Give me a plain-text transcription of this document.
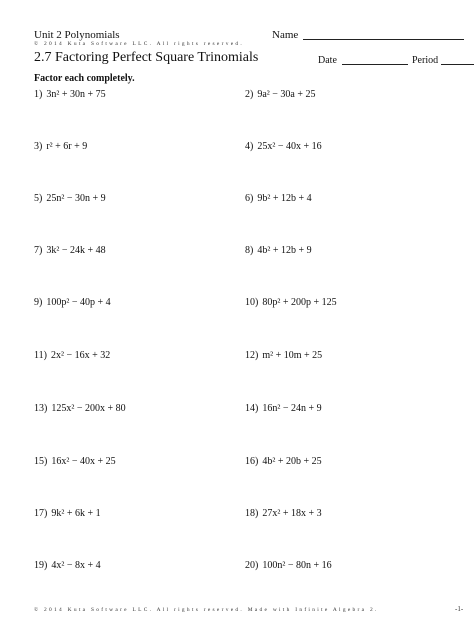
Unit 2 Polynomials	Name
© 2014 Kuta Software LLC. All rights reserved.
2.7 Factoring Perfect Square Trinomials	Date	Period
Factor each completely.
1) 3n² + 30n + 75	2) 9a² − 30a + 25
3) r² + 6r + 9	4) 25x² − 40x + 16
5) 25n² − 30n + 9	6) 9b² + 12b + 4
7) 3k² − 24k + 48	8) 4b² + 12b + 9
9) 100p² − 40p + 4	10) 80p² + 200p + 125
11) 2x² − 16x + 32	12) m² + 10m + 25
13) 125x² − 200x + 80	14) 16n² − 24n + 9
15) 16x² − 40x + 25	16) 4b² + 20b + 25
17) 9k² + 6k + 1	18) 27x² + 18x + 3
19) 4x² − 8x + 4	20) 100n² − 80n + 16
© 2014 Kuta Software LLC. All rights reserved. Made with Infinite Algebra 2.	-1-
